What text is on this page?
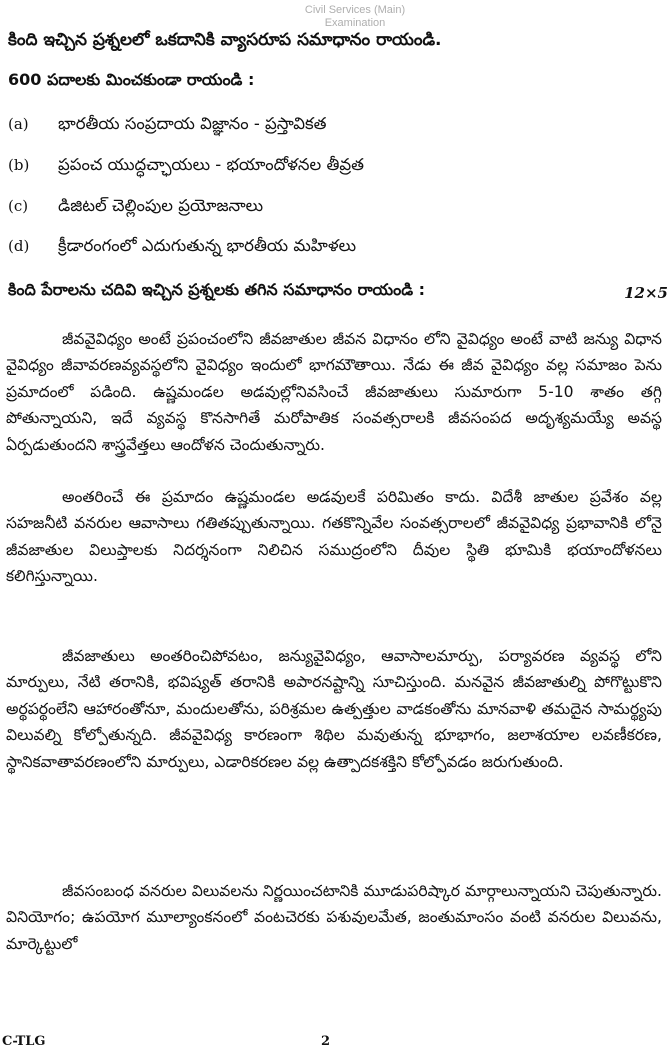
Civil Services (Main)
Examination
కింది ఇచ్చిన ప్రశ్నలలో ఒకదానికి వ్యాసరూప సమాధానం రాయండి.
600 పదాలకు మించకుండా రాయండి :
(a) భారతీయ సంప్రదాయ విజ్ఞానం - ప్రస్తావికత
(b) ప్రపంచ యుద్ధచ్ఛాయలు - భయాందోళనల తీవ్రత
(c) డిజిటల్ చెల్లింపుల ప్రయోజనాలు
(d) క్రీడారంగంలో ఎదుగుతున్న భారతీయ మహిళలు
కింది పేరాలను చదివి ఇచ్చిన ప్రశ్నలకు తగిన సమాధానం రాయండి :	12×5
జీవవైవిధ్యం అంటే ప్రపంచంలోని జీవజాతుల జీవన విధానం లోని వైవిధ్యం అంటే వాటి జన్యు విధాన వైవిధ్యం జీవావరణవ్యవస్థలోని వైవిధ్యం ఇందులో భాగమౌతాయి. నేడు ఈ జీవ వైవిధ్యం వల్ల సమాజం పెను ప్రమాదంలో పడింది. ఉష్ణమండల అడవుల్లోనివసించే జీవజాతులు సుమారుగా 5-10 శాతం తగ్గి పోతున్నాయని, ఇదే వ్యవస్థ కొనసాగితే మరోపాతిక సంవత్సరాలకి జీవసంపద అదృశ్యమయ్యే అవస్థ ఏర్పడుతుందని శాస్త్రవేత్తలు ఆందోళన చెందుతున్నారు.
అంతరించే ఈ ప్రమాదం ఉష్ణమండల అడవులకే పరిమితం కాదు. విదేశీ జాతుల ప్రవేశం వల్ల సహజనీటి వనరుల ఆవాసాలు గతితప్పుతున్నాయి. గతకొన్నివేల సంవత్సరాలలో జీవవైవిధ్య ప్రభావానికి లోనై జీవజాతుల విలుప్తాలకు నిదర్శనంగా నిలిచిన సముద్రంలోని దీవుల స్థితి భూమికి భయాందోళనలు కలిగిస్తున్నాయి.
జీవజాతులు అంతరించిపోవటం, జన్యువైవిధ్యం, ఆవాసాలమార్పు, పర్యావరణ వ్యవస్థ లోని మార్పులు, నేటి తరానికి, భవిష్యత్ తరానికి అపారనష్టాన్ని సూచిస్తుంది. మనవైన జీవజాతుల్ని పోగొట్టుకొని అర్థపర్థంలేని ఆహారంతోనూ, మందులతోను, పరిశ్రమల ఉత్పత్తుల వాడకంతోను మానవాళి తమదైన సామర్థ్యపు విలువల్ని కోల్పోతున్నది. జీవవైవిధ్య కారణంగా శిథిల మవుతున్న భూభాగం, జలాశయాల లవణీకరణ, స్థానికవాతావరణంలోని మార్పులు, ఎడారికరణల వల్ల ఉత్పాదకశక్తిని కోల్పోవడం జరుగుతుంది.
జీవసంబంధ వనరుల విలువలను నిర్ణయించటానికి మూడుపరిష్కార మార్గాలున్నాయని చెపుతున్నారు. వినియోగం; ఉపయోగ మూల్యాంకనంలో వంటచెరకు పశువులమేత, జంతుమాంసం వంటి వనరుల విలువను, మార్కెట్టులో
C-TLG	2
